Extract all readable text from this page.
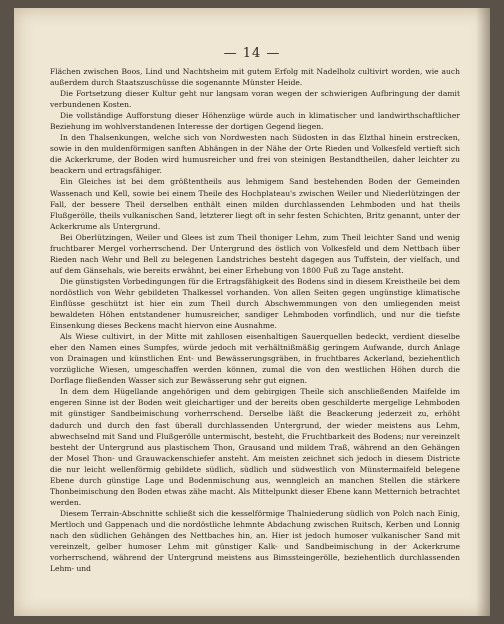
— 14 —

Flächen zwischen Boos, Lind und Nachtsheim mit gutem Erfolg mit Nadelholz cultivirt worden, wie auch außerdem durch Staatszuschüsse die sogenannte Münster Heide.

Die Fortsetzung dieser Kultur geht nur langsam voran wegen der schwierigen Aufbringung der damit verbundenen Kosten.

Die vollständige Aufforstung dieser Höhenzüge würde auch in klimatischer und landwirthschaftlicher Beziehung im wohlverstandenen Interesse der dortigen Gegend liegen.

In den Thalsenkungen, welche sich von Nordwesten nach Südosten in das Elzthal hinein erstrecken, sowie in den muldenförmigen sanften Abhängen in der Nähe der Orte Rieden und Volkesfeld vertieft sich die Ackerkrume, der Boden wird humusreicher und frei von steinigen Bestandtheilen, daher leichter zu beackern und ertragsfähiger.

Ein Gleiches ist bei dem größtentheils aus lehmigem Sand bestehenden Boden der Gemeinden Wassenach und Kell, sowie bei einem Theile des Hochplateau's zwischen Weiler und Niederlützingen der Fall, der bessere Theil derselben enthält einen milden durchlassenden Lehmboden und hat theils Flußgerölle, theils vulkanischen Sand, letzterer liegt oft in sehr festen Schichten, Britz genannt, unter der Ackerkrume als Untergrund.

Bei Oberlützingen, Weiler und Glees ist zum Theil thoniger Lehm, zum Theil leichter Sand und wenig fruchtbarer Mergel vorherrschend. Der Untergrund des östlich von Volkesfeld und dem Nettbach über Rieden nach Wehr und Bell zu belegenen Landstriches besteht dagegen aus Tuffstein, der vielfach, und auf dem Gänsehals, wie bereits erwähnt, bei einer Erhebung von 1800 Fuß zu Tage ansteht.

Die günstigsten Vorbedingungen für die Ertragsfähigkeit des Bodens sind in diesem Kreistheile bei dem nordöstlich von Wehr gebildeten Thalkessel vorhanden. Von allen Seiten gegen ungünstige klimatische Einflüsse geschützt ist hier ein zum Theil durch Abschwemmungen von den umliegenden meist bewaldeten Höhen entstandener humusreicher, sandiger Lehmboden vorfindlich, und nur die tiefste Einsenkung dieses Beckens macht hiervon eine Ausnahme.

Als Wiese cultivirt, in der Mitte mit zahllosen eisenhaltigen Sauerquellen bedeckt, verdient dieselbe eher den Namen eines Sumpfes, würde jedoch mit verhältnißmäßig geringem Aufwande, durch Anlage von Drainagen und künstlichen Ent- und Bewässerungsgräben, in fruchtbares Ackerland, beziehentlich vorzügliche Wiesen, umgeschaffen werden können, zumal die von den westlichen Höhen durch die Dorflage fließenden Wasser sich zur Bewässerung sehr gut eignen.

In dem dem Hügellande angehörigen und dem gebirgigen Theile sich anschließenden Maifelde im engeren Sinne ist der Boden weit gleichartiger und der bereits oben geschilderte mergelige Lehmboden mit günstiger Sandbeimischung vorherrschend. Derselbe läßt die Beackerung jederzeit zu, erhöht dadurch und durch den fast überall durchlassenden Untergrund, der wieder meistens aus Lehm, abwechselnd mit Sand und Flußgerölle untermischt, besteht, die Fruchtbarkeit des Bodens; nur vereinzelt besteht der Untergrund aus plastischem Thon, Grausand und mildem Traß, während an den Gehängen der Mosel Thon- und Grauwackenschiefer ansteht. Am meisten zeichnet sich jedoch in diesem Districte die nur leicht wellenförmig gebildete südlich, südlich und südwestlich von Münstermaifeld belegene Ebene durch günstige Lage und Bodenmischung aus, wenngleich an manchen Stellen die stärkere Thonbeimischung den Boden etwas zähe macht. Als Mittelpunkt dieser Ebene kann Metternich betrachtet werden.

Diesem Terrain-Abschnitte schließt sich die kesselförmige Thalniederung südlich von Polch nach Einig, Mertloch und Gappenach und die nordöstliche lehmnte Abdachung zwischen Ruitsch, Kerben und Lonnig nach den südlichen Gehängen des Nettbaches hin, an. Hier ist jedoch humoser vulkanischer Sand mit vereinzelt, gelber humoser Lehm mit günstiger Kalk- und Sandbeimischung in der Ackerkrume vorherrschend, während der Untergrund meistens aus Bimssteingerölle, beziehentlich durchlassenden Lehm- und
